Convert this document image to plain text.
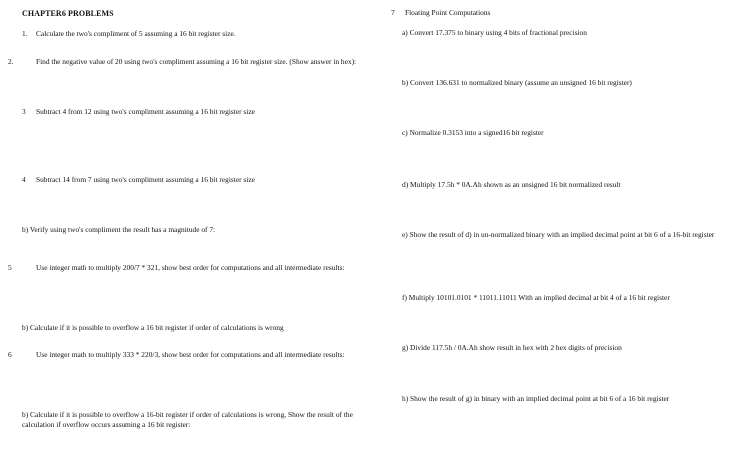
CHAPTER6 PROBLEMS
1. Calculate the two's compliment of 5 assuming a 16 bit register size.
2.	Find the negative value of 20 using two's compliment assuming a 16 bit register size. (Show answer in hex):
3 Subtract 4 from 12 using two's compliment assuming a 16 bit register size
4 Subtract 14 from 7 using two's compliment assuming a 16 bit register size
b) Verify using two's compliment the result has a magnitude of 7:
5	Use integer math to multiply 200/7 * 321, show best order for computations and all intermediate results:
b) Calculate if it is possible to overflow a 16 bit register if order of calculations is wrong
6	Use integer math to multiply 333 * 220/3, show best order for computations and all intermediate results:
b) Calculate if it is possible to overflow a 16-bit register if order of calculations is wrong, Show the result of the calculation if overflow occurs assuming a 16 bit register:
7 Floating Point Computations
a) Convert 17.375 to binary using 4 bits of fractional precision
b) Convert 136.631 to normalized binary (assume an unsigned 16 bit register)
c) Normalize 0.3153 into a signed16 bit register
d) Multiply 17.5h * 0A.Ah shown as an unsigned 16 bit normalized result
e) Show the result of d) in un-normalized binary with an implied decimal point at bit 6 of a 16-bit register
f) Multiply 10101.0101 * 11011.11011 With an implied decimal at bit 4 of a 16 bit register
g) Divide 117.5h / 0A.Ah show result in hex with 2 hex digits of precision
h) Show the result of g) in binary with an implied decimal point at bit 6 of a 16 bit register
